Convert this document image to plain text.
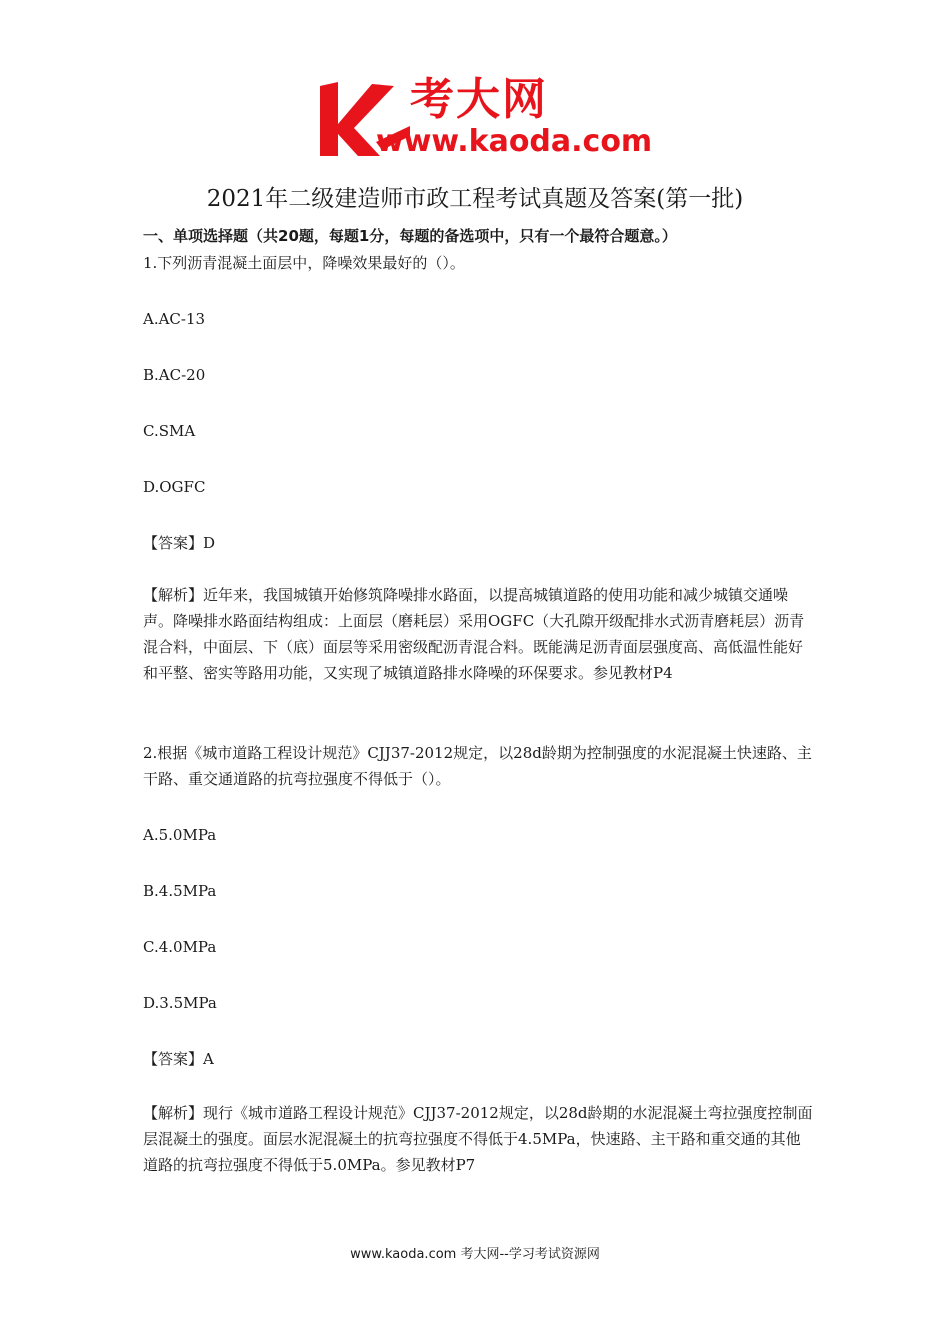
考大网
www.kaoda.com
2021年二级建造师市政工程考试真题及答案(第一批)
一、单项选择题（共20题，每题1分，每题的备选项中，只有一个最符合题意。）

1.下列沥青混凝土面层中，降噪效果最好的（）。

A.AC-13

B.AC-20

C.SMA

D.OGFC

【答案】D

【解析】近年来，我国城镇开始修筑降噪排水路面，以提高城镇道路的使用功能和减少城镇交通噪声。降噪排水路面结构组成：上面层（磨耗层）采用OGFC（大孔隙开级配排水式沥青磨耗层）沥青混合料，中面层、下（底）面层等采用密级配沥青混合料。既能满足沥青面层强度高、高低温性能好和平整、密实等路用功能，又实现了城镇道路排水降噪的环保要求。参见教材P4

2.根据《城市道路工程设计规范》CJJ37-2012规定，以28d龄期为控制强度的水泥混凝土快速路、主干路、重交通道路的抗弯拉强度不得低于（）。

A.5.0MPa

B.4.5MPa

C.4.0MPa

D.3.5MPa

【答案】A

【解析】现行《城市道路工程设计规范》CJJ37-2012规定，以28d龄期的水泥混凝土弯拉强度控制面层混凝土的强度。面层水泥混凝土的抗弯拉强度不得低于4.5MPa，快速路、主干路和重交通的其他道路的抗弯拉强度不得低于5.0MPa。参见教材P7

www.kaoda.com 考大网--学习考试资源网
